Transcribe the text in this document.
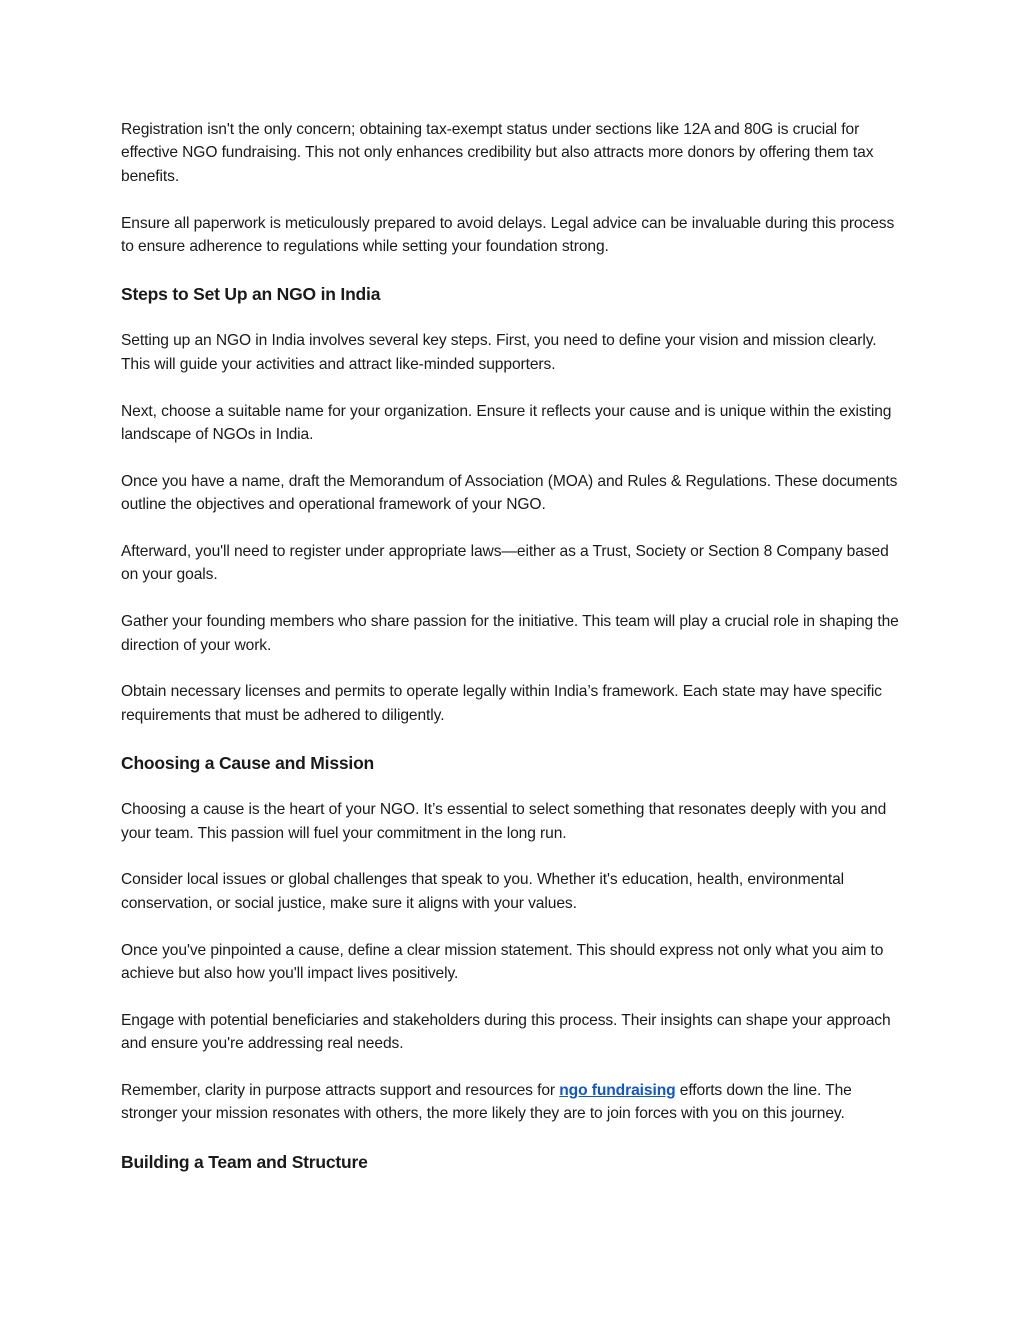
Registration isn't the only concern; obtaining tax-exempt status under sections like 12A and 80G is crucial for effective NGO fundraising. This not only enhances credibility but also attracts more donors by offering them tax benefits.

Ensure all paperwork is meticulously prepared to avoid delays. Legal advice can be invaluable during this process to ensure adherence to regulations while setting your foundation strong.

Steps to Set Up an NGO in India

Setting up an NGO in India involves several key steps. First, you need to define your vision and mission clearly. This will guide your activities and attract like-minded supporters.

Next, choose a suitable name for your organization. Ensure it reflects your cause and is unique within the existing landscape of NGOs in India.

Once you have a name, draft the Memorandum of Association (MOA) and Rules & Regulations. These documents outline the objectives and operational framework of your NGO.

Afterward, you'll need to register under appropriate laws—either as a Trust, Society or Section 8 Company based on your goals.

Gather your founding members who share passion for the initiative. This team will play a crucial role in shaping the direction of your work.

Obtain necessary licenses and permits to operate legally within India’s framework. Each state may have specific requirements that must be adhered to diligently.

Choosing a Cause and Mission

Choosing a cause is the heart of your NGO. It’s essential to select something that resonates deeply with you and your team. This passion will fuel your commitment in the long run.

Consider local issues or global challenges that speak to you. Whether it's education, health, environmental conservation, or social justice, make sure it aligns with your values.

Once you've pinpointed a cause, define a clear mission statement. This should express not only what you aim to achieve but also how you'll impact lives positively.

Engage with potential beneficiaries and stakeholders during this process. Their insights can shape your approach and ensure you're addressing real needs.

Remember, clarity in purpose attracts support and resources for ngo fundraising efforts down the line. The stronger your mission resonates with others, the more likely they are to join forces with you on this journey.

Building a Team and Structure
